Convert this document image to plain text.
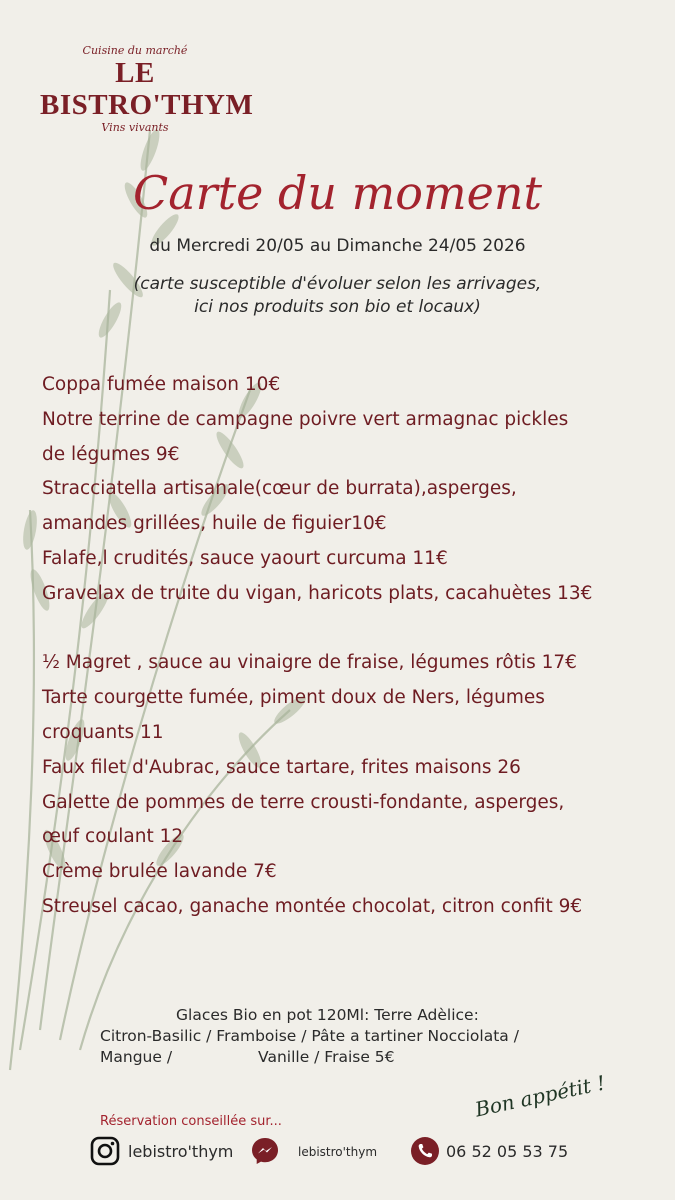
Cuisine du marché
LE BISTRO'THYM
Vins vivants
Carte du moment
du Mercredi 20/05 au Dimanche 24/05 2026
(carte susceptible d'évoluer selon les arrivages,
ici nos produits son bio et locaux)
Coppa fumée maison 10€
Notre terrine de campagne poivre vert armagnac pickles
de légumes 9€
Stracciatella artisanale(cœur de burrata),asperges,
amandes grillées, huile de figuier10€
Falafe,l crudités, sauce yaourt curcuma 11€
Gravelax de truite du vigan, haricots plats, cacahuètes 13€
½ Magret , sauce au vinaigre de fraise, légumes rôtis 17€
Tarte courgette fumée, piment doux de Ners, légumes
croquants 11
Faux filet d'Aubrac, sauce tartare, frites maisons 26
Galette de pommes de terre crousti-fondante, asperges,
œuf coulant 12
Crème brulée lavande 7€
Streusel cacao, ganache montée chocolat, citron confit 9€
Glaces Bio en pot 120Ml: Terre Adèlice:
Citron-Basilic / Framboise / Pâte a tartiner Nocciolata /
Mangue /	Vanille / Fraise 5€
Réservation conseillée sur...
Bon appétit !
lebistro'thym	lebistro'thym	06 52 05 53 75
